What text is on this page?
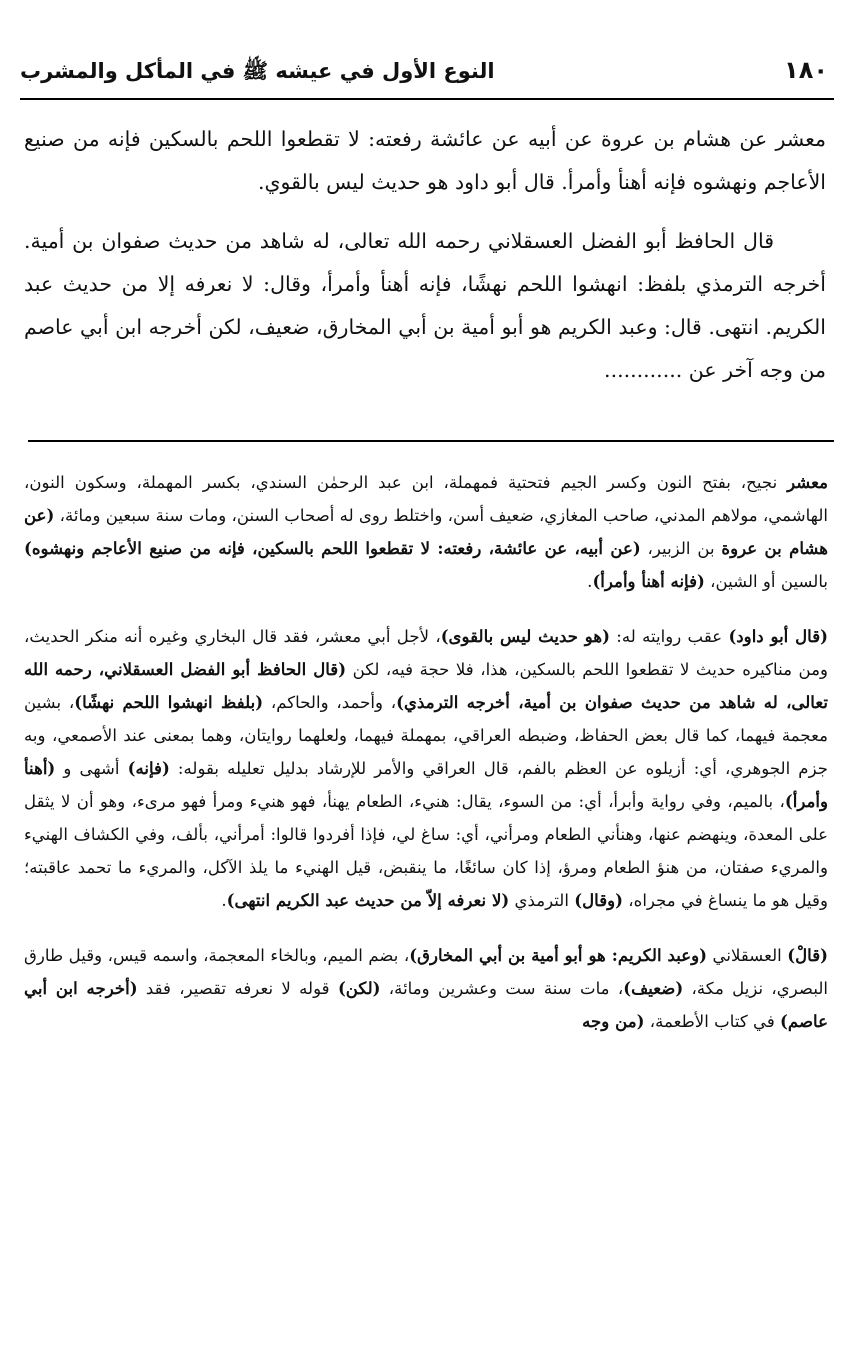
النوع الأول في عيشه ﷺ في المأكل والمشرب	١٨٠

معشر عن هشام بن عروة عن أبيه عن عائشة رفعته: لا تقطعوا اللحم بالسكين فإنه من صنيع الأعاجم ونهشوه فإنه أهنأ وأمرأ. قال أبو داود هو حديث ليس بالقوي.

قال الحافظ أبو الفضل العسقلاني رحمه الله تعالى، له شاهد من حديث صفوان بن أمية. أخرجه الترمذي بلفظ: انهشوا اللحم نهشًا، فإنه أهنأ وأمرأ، وقال: لا نعرفه إلا من حديث عبد الكريم. انتهى. قال: وعبد الكريم هو أبو أمية بن أبي المخارق، ضعيف، لكن أخرجه ابن أبي عاصم من وجه آخر عن ............

معشر نجيح، بفتح النون وكسر الجيم فتحتية فمهملة، ابن عبد الرحمٰن السندي، بكسر المهملة، وسكون النون، الهاشمي، مولاهم المدني، صاحب المغازي، ضعيف أسن، واختلط روى له أصحاب السنن، ومات سنة سبعين ومائة، (عن هشام بن عروة بن الزبير، (عن أبيه، عن عائشة، رفعته: لا تقطعوا اللحم بالسكين، فإنه من صنيع الأعاجم ونهشوه) بالسين أو الشين، (فإنه أهنأ وأمرأ).

(قال أبو داود) عقب روايته له: (هو حديث ليس بالقوى)، لأجل أبي معشر، فقد قال البخاري وغيره أنه منكر الحديث، ومن مناكيره حديث لا تقطعوا اللحم بالسكين، هذا، فلا حجة فيه، لكن (قال الحافظ أبو الفضل العسقلاني، رحمه الله تعالى، له شاهد من حديث صفوان بن أمية، أخرجه الترمذي)، وأحمد، والحاكم، (بلفظ انهشوا اللحم نهشًا)، بشين معجمة فيهما، كما قال بعض الحفاظ، وضبطه العراقي، بمهملة فيهما، ولعلهما روايتان، وهما بمعنى عند الأصمعي، وبه جزم الجوهري، أي: أزيلوه عن العظم بالفم، قال العراقي والأمر للإرشاد بدليل تعليله بقوله: (فإنه) أشهى و (أهنأ وأمرأ)، بالميم، وفي رواية وأبرأ، أي: من السوء، يقال: هنيء، الطعام يهنأ، فهو هنيء ومرأ فهو مرىء، وهو أن لا يثقل على المعدة، وينهضم عنها، وهنأني الطعام ومرأني، أي: ساغ لي، فإذا أفردوا قالوا: أمرأني، بألف، وفي الكشاف الهنيء والمريء صفتان، من هنؤ الطعام ومرؤ، إذا كان سائغًا، ما ينقبض، قيل الهنيء ما يلذ الآكل، والمريء ما تحمد عاقبته؛ وقيل هو ما ينساغ في مجراه، (وقال) الترمذي (لا نعرفه إلاّ من حديث عبد الكريم انتهى).

(قالْ) العسقلاني (وعبد الكريم: هو أبو أمية بن أبي المخارق)، بضم الميم، وبالخاء المعجمة، واسمه قيس، وقيل طارق البصري، نزيل مكة، (ضعيف)، مات سنة ست وعشرين ومائة، (لكن) قوله لا نعرفه تقصير، فقد (أخرجه ابن أبي عاصم) في كتاب الأطعمة، (من وجه
